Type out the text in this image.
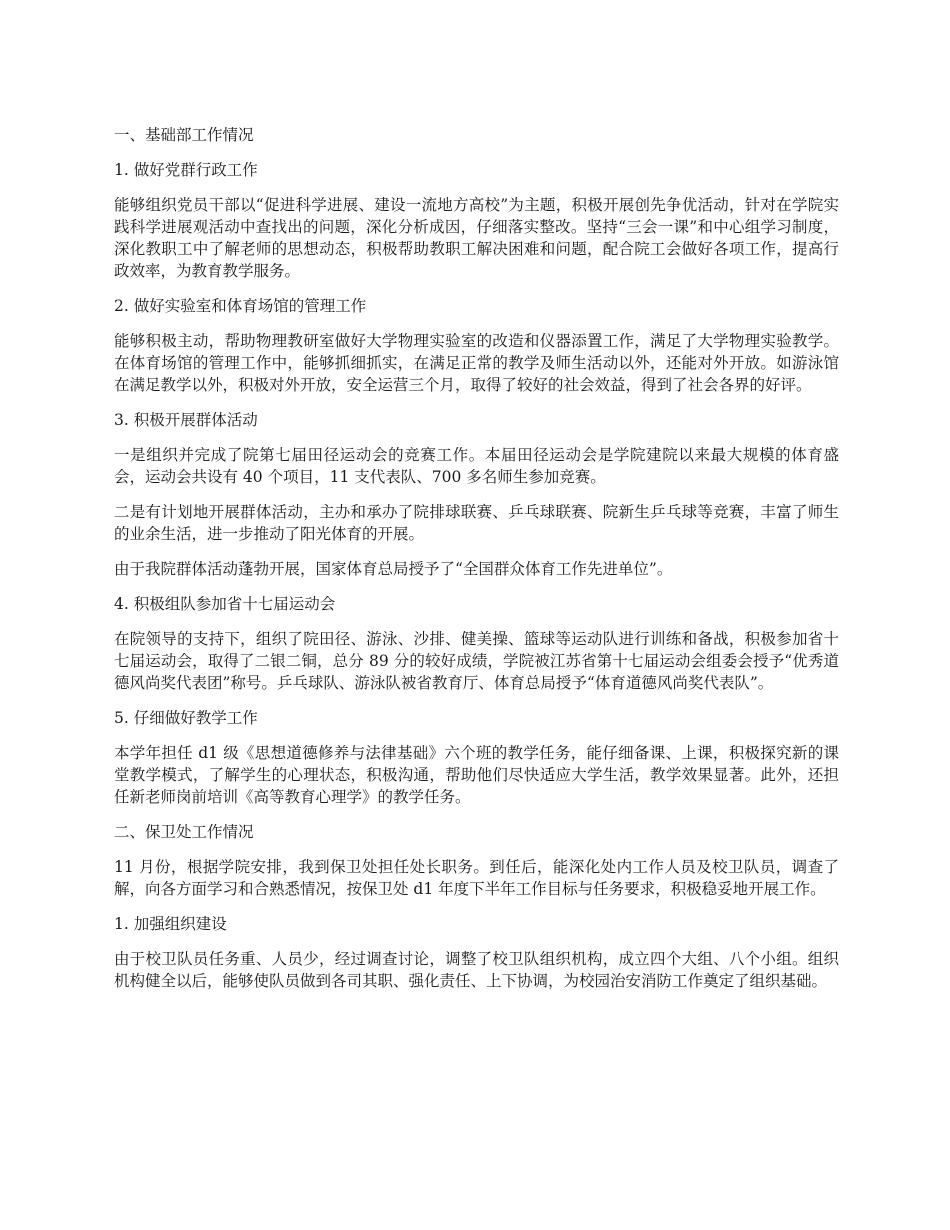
一、基础部工作情况
1. 做好党群行政工作
能够组织党员干部以“促进科学进展、建设一流地方高校”为主题，积极开展创先争优活动，针对在学院实践科学进展观活动中查找出的问题，深化分析成因，仔细落实整改。坚持“三会一课”和中心组学习制度，深化教职工中了解老师的思想动态，积极帮助教职工解决困难和问题，配合院工会做好各项工作，提高行政效率，为教育教学服务。
2. 做好实验室和体育场馆的管理工作
能够积极主动，帮助物理教研室做好大学物理实验室的改造和仪器添置工作，满足了大学物理实验教学。在体育场馆的管理工作中，能够抓细抓实，在满足正常的教学及师生活动以外，还能对外开放。如游泳馆在满足教学以外，积极对外开放，安全运营三个月，取得了较好的社会效益，得到了社会各界的好评。
3. 积极开展群体活动
一是组织并完成了院第七届田径运动会的竞赛工作。本届田径运动会是学院建院以来最大规模的体育盛会，运动会共设有 40 个项目，11 支代表队、700 多名师生参加竞赛。
二是有计划地开展群体活动，主办和承办了院排球联赛、乒乓球联赛、院新生乒乓球等竞赛，丰富了师生的业余生活，进一步推动了阳光体育的开展。
由于我院群体活动蓬勃开展，国家体育总局授予了“全国群众体育工作先进单位”。
4. 积极组队参加省十七届运动会
在院领导的支持下，组织了院田径、游泳、沙排、健美操、篮球等运动队进行训练和备战，积极参加省十七届运动会，取得了二银二铜，总分 89 分的较好成绩，学院被江苏省第十七届运动会组委会授予“优秀道德风尚奖代表团”称号。乒乓球队、游泳队被省教育厅、体育总局授予“体育道德风尚奖代表队”。
5. 仔细做好教学工作
本学年担任 d1 级《思想道德修养与法律基础》六个班的教学任务，能仔细备课、上课，积极探究新的课堂教学模式，了解学生的心理状态，积极沟通，帮助他们尽快适应大学生活，教学效果显著。此外，还担任新老师岗前培训《高等教育心理学》的教学任务。
二、保卫处工作情况
11 月份，根据学院安排，我到保卫处担任处长职务。到任后，能深化处内工作人员及校卫队员，调查了解，向各方面学习和合熟悉情况，按保卫处 d1 年度下半年工作目标与任务要求，积极稳妥地开展工作。
1. 加强组织建设
由于校卫队员任务重、人员少，经过调查讨论，调整了校卫队组织机构，成立四个大组、八个小组。组织机构健全以后，能够使队员做到各司其职、强化责任、上下协调，为校园治安消防工作奠定了组织基础。
